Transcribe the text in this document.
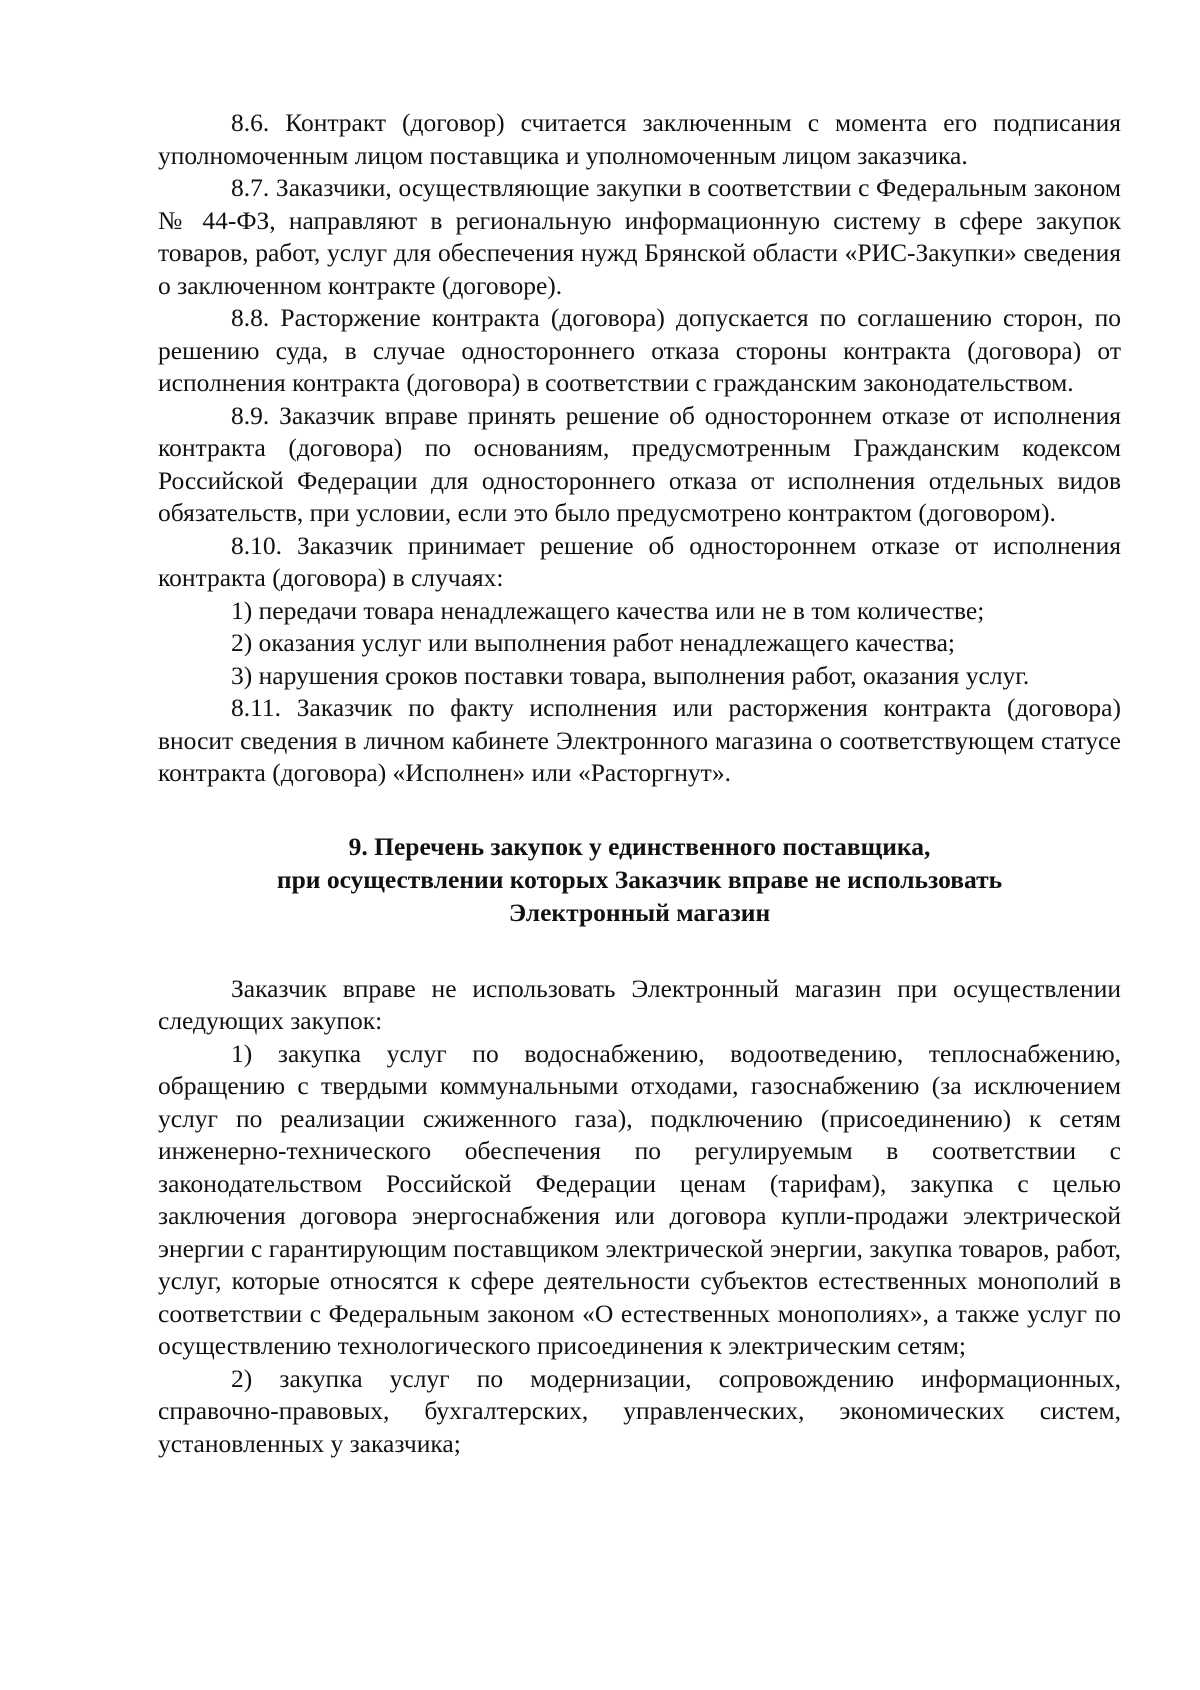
8.6. Контракт (договор) считается заключенным с момента его подписания уполномоченным лицом поставщика и уполномоченным лицом заказчика.

8.7. Заказчики, осуществляющие закупки в соответствии с Федеральным законом № 44-ФЗ, направляют в региональную информационную систему в сфере закупок товаров, работ, услуг для обеспечения нужд Брянской области «РИС-Закупки» сведения о заключенном контракте (договоре).

8.8. Расторжение контракта (договора) допускается по соглашению сторон, по решению суда, в случае одностороннего отказа стороны контракта (договора) от исполнения контракта (договора) в соответствии с гражданским законодательством.

8.9. Заказчик вправе принять решение об одностороннем отказе от исполнения контракта (договора) по основаниям, предусмотренным Гражданским кодексом Российской Федерации для одностороннего отказа от исполнения отдельных видов обязательств, при условии, если это было предусмотрено контрактом (договором).

8.10. Заказчик принимает решение об одностороннем отказе от исполнения контракта (договора) в случаях:

1) передачи товара ненадлежащего качества или не в том количестве;

2) оказания услуг или выполнения работ ненадлежащего качества;

3) нарушения сроков поставки товара, выполнения работ, оказания услуг.

8.11. Заказчик по факту исполнения или расторжения контракта (договора) вносит сведения в личном кабинете Электронного магазина о соответствующем статусе контракта (договора) «Исполнен» или «Расторгнут».

9. Перечень закупок у единственного поставщика,
при осуществлении которых Заказчик вправе не использовать
Электронный магазин

Заказчик вправе не использовать Электронный магазин при осуществлении следующих закупок:

1) закупка услуг по водоснабжению, водоотведению, теплоснабжению, обращению с твердыми коммунальными отходами, газоснабжению (за исключением услуг по реализации сжиженного газа), подключению (присоединению) к сетям инженерно-технического обеспечения по регулируемым в соответствии с законодательством Российской Федерации ценам (тарифам), закупка с целью заключения договора энергоснабжения или договора купли-продажи электрической энергии с гарантирующим поставщиком электрической энергии, закупка товаров, работ, услуг, которые относятся к сфере деятельности субъектов естественных монополий в соответствии с Федеральным законом «О естественных монополиях», а также услуг по осуществлению технологического присоединения к электрическим сетям;

2) закупка услуг по модернизации, сопровождению информационных, справочно-правовых, бухгалтерских, управленческих, экономических систем, установленных у заказчика;
